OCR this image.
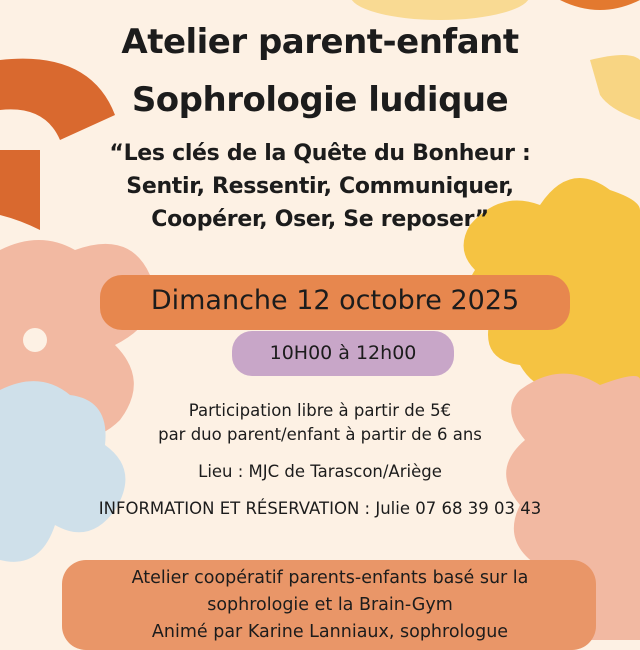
Atelier parent-enfant
Sophrologie ludique
“Les clés de la Quête du Bonheur :
Sentir, Ressentir, Communiquer,
Coopérer, Oser, Se reposer”
Dimanche 12 octobre 2025
10H00 à 12h00
Participation libre à partir de 5€
par duo parent/enfant à partir de 6 ans
Lieu : MJC de Tarascon/Ariège
INFORMATION ET RÉSERVATION : Julie 07 68 39 03 43
Atelier coopératif parents-enfants basé sur la
sophrologie et la Brain-Gym
Animé par Karine Lanniaux, sophrologue
